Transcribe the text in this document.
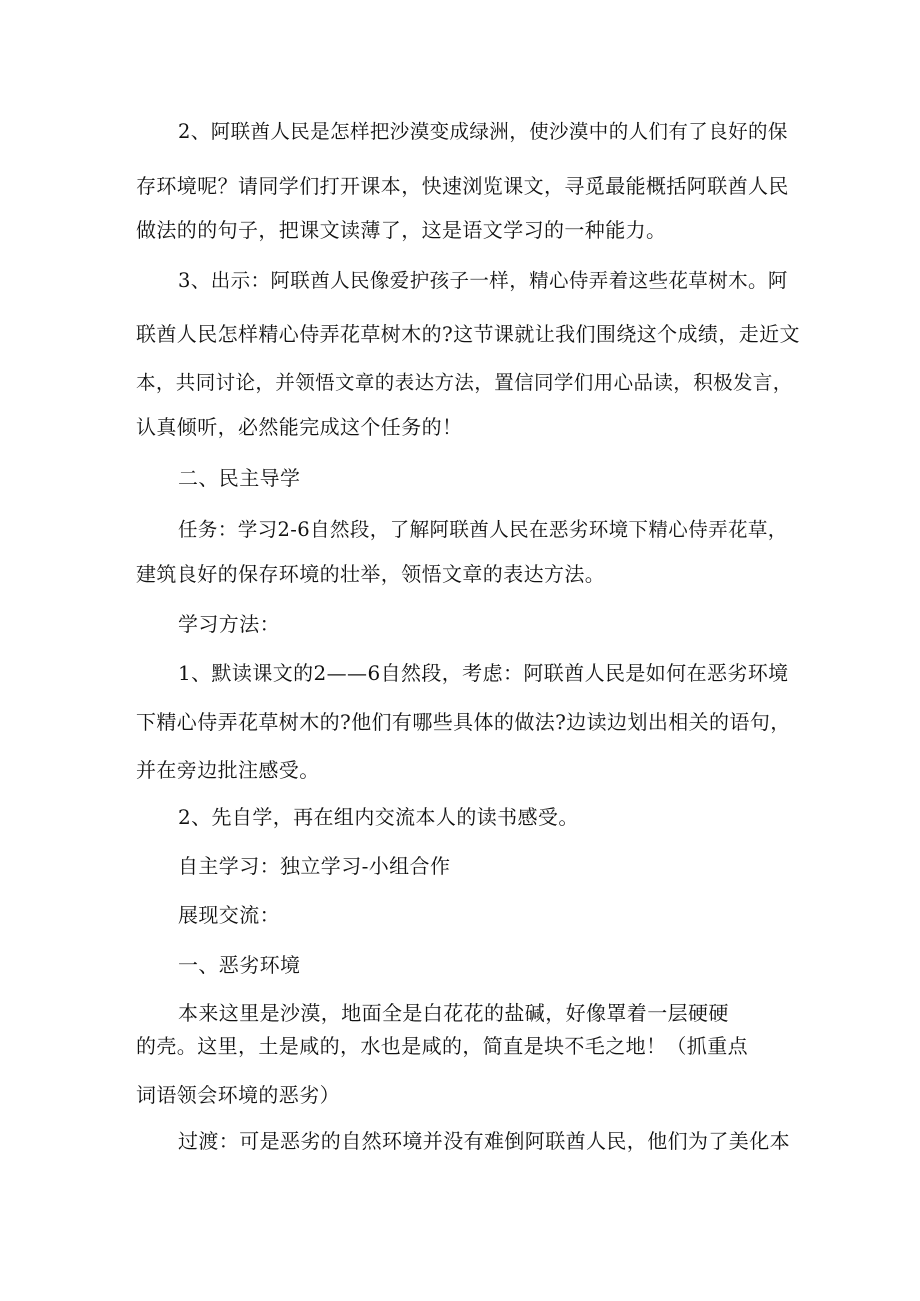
2、阿联酋人民是怎样把沙漠变成绿洲，使沙漠中的人们有了良好的保

存环境呢？请同学们打开课本，快速浏览课文，寻觅最能概括阿联酋人民

做法的的句子，把课文读薄了，这是语文学习的一种能力。

3、出示：阿联酋人民像爱护孩子一样，精心侍弄着这些花草树木。阿

联酋人民怎样精心侍弄花草树木的?这节课就让我们围绕这个成绩，走近文

本，共同讨论，并领悟文章的表达方法，置信同学们用心品读，积极发言，

认真倾听，必然能完成这个任务的！

二、民主导学

任务：学习2-6自然段，了解阿联酋人民在恶劣环境下精心侍弄花草，

建筑良好的保存环境的壮举，领悟文章的表达方法。

学习方法：

1、默读课文的2——6自然段，考虑：阿联酋人民是如何在恶劣环境

下精心侍弄花草树木的?他们有哪些具体的做法?边读边划出相关的语句，

并在旁边批注感受。

2、先自学，再在组内交流本人的读书感受。

自主学习：独立学习-小组合作

展现交流：

一、恶劣环境

本来这里是沙漠，地面全是白花花的盐碱，好像罩着一层硬硬

的壳。这里，土是咸的，水也是咸的，简直是块不毛之地！（抓重点

词语领会环境的恶劣）

过渡：可是恶劣的自然环境并没有难倒阿联酋人民，他们为了美化本
